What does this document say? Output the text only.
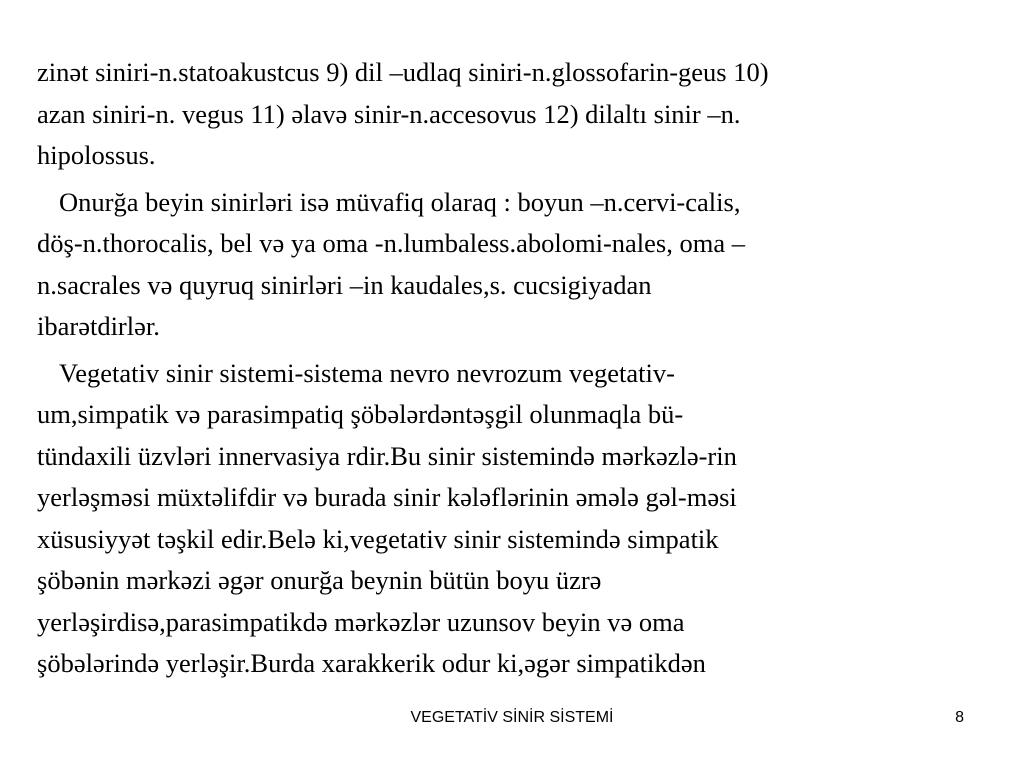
zinət siniri-n.statoakustcus 9) dil –udlaq siniri-n.glossofarin-geus 10)
azan siniri-n. vegus 11) əlavə sinir-n.accesovus 12) dilaltı sinir –n.
hipolossus.

Onurğa beyin sinirləri isə müvafiq olaraq : boyun –n.cervi-calis,
döş-n.thorocalis, bel və ya oma -n.lumbaless.abolomi-nales, oma –
n.sacrales və quyruq sinirləri –in kaudales,s. cucsigiyadan
ibarətdirlər.

Vegetativ sinir sistemi-sistema nevro nevrozum vegetativ-
um,simpatik və parasimpatiq şöbələrdəntəşgil olunmaqla bü-
tündaxili üzvləri innervasiya rdir.Bu sinir sistemində mərkəzlə-rin
yerləşməsi müxtəlifdir və burada sinir kələflərinin əmələ gəl-məsi
xüsusiyyət təşkil edir.Belə ki,vegetativ sinir sistemində simpatik
şöbənin mərkəzi əgər onurğa beynin bütün boyu üzrə
yerləşirdisə,parasimpatikdə mərkəzlər uzunsov beyin və oma
şöbələrində yerləşir.Burda xarakkerik odur ki,əgər simpatikdən

VEGETATİV SİNİR SİSTEMİ	8
